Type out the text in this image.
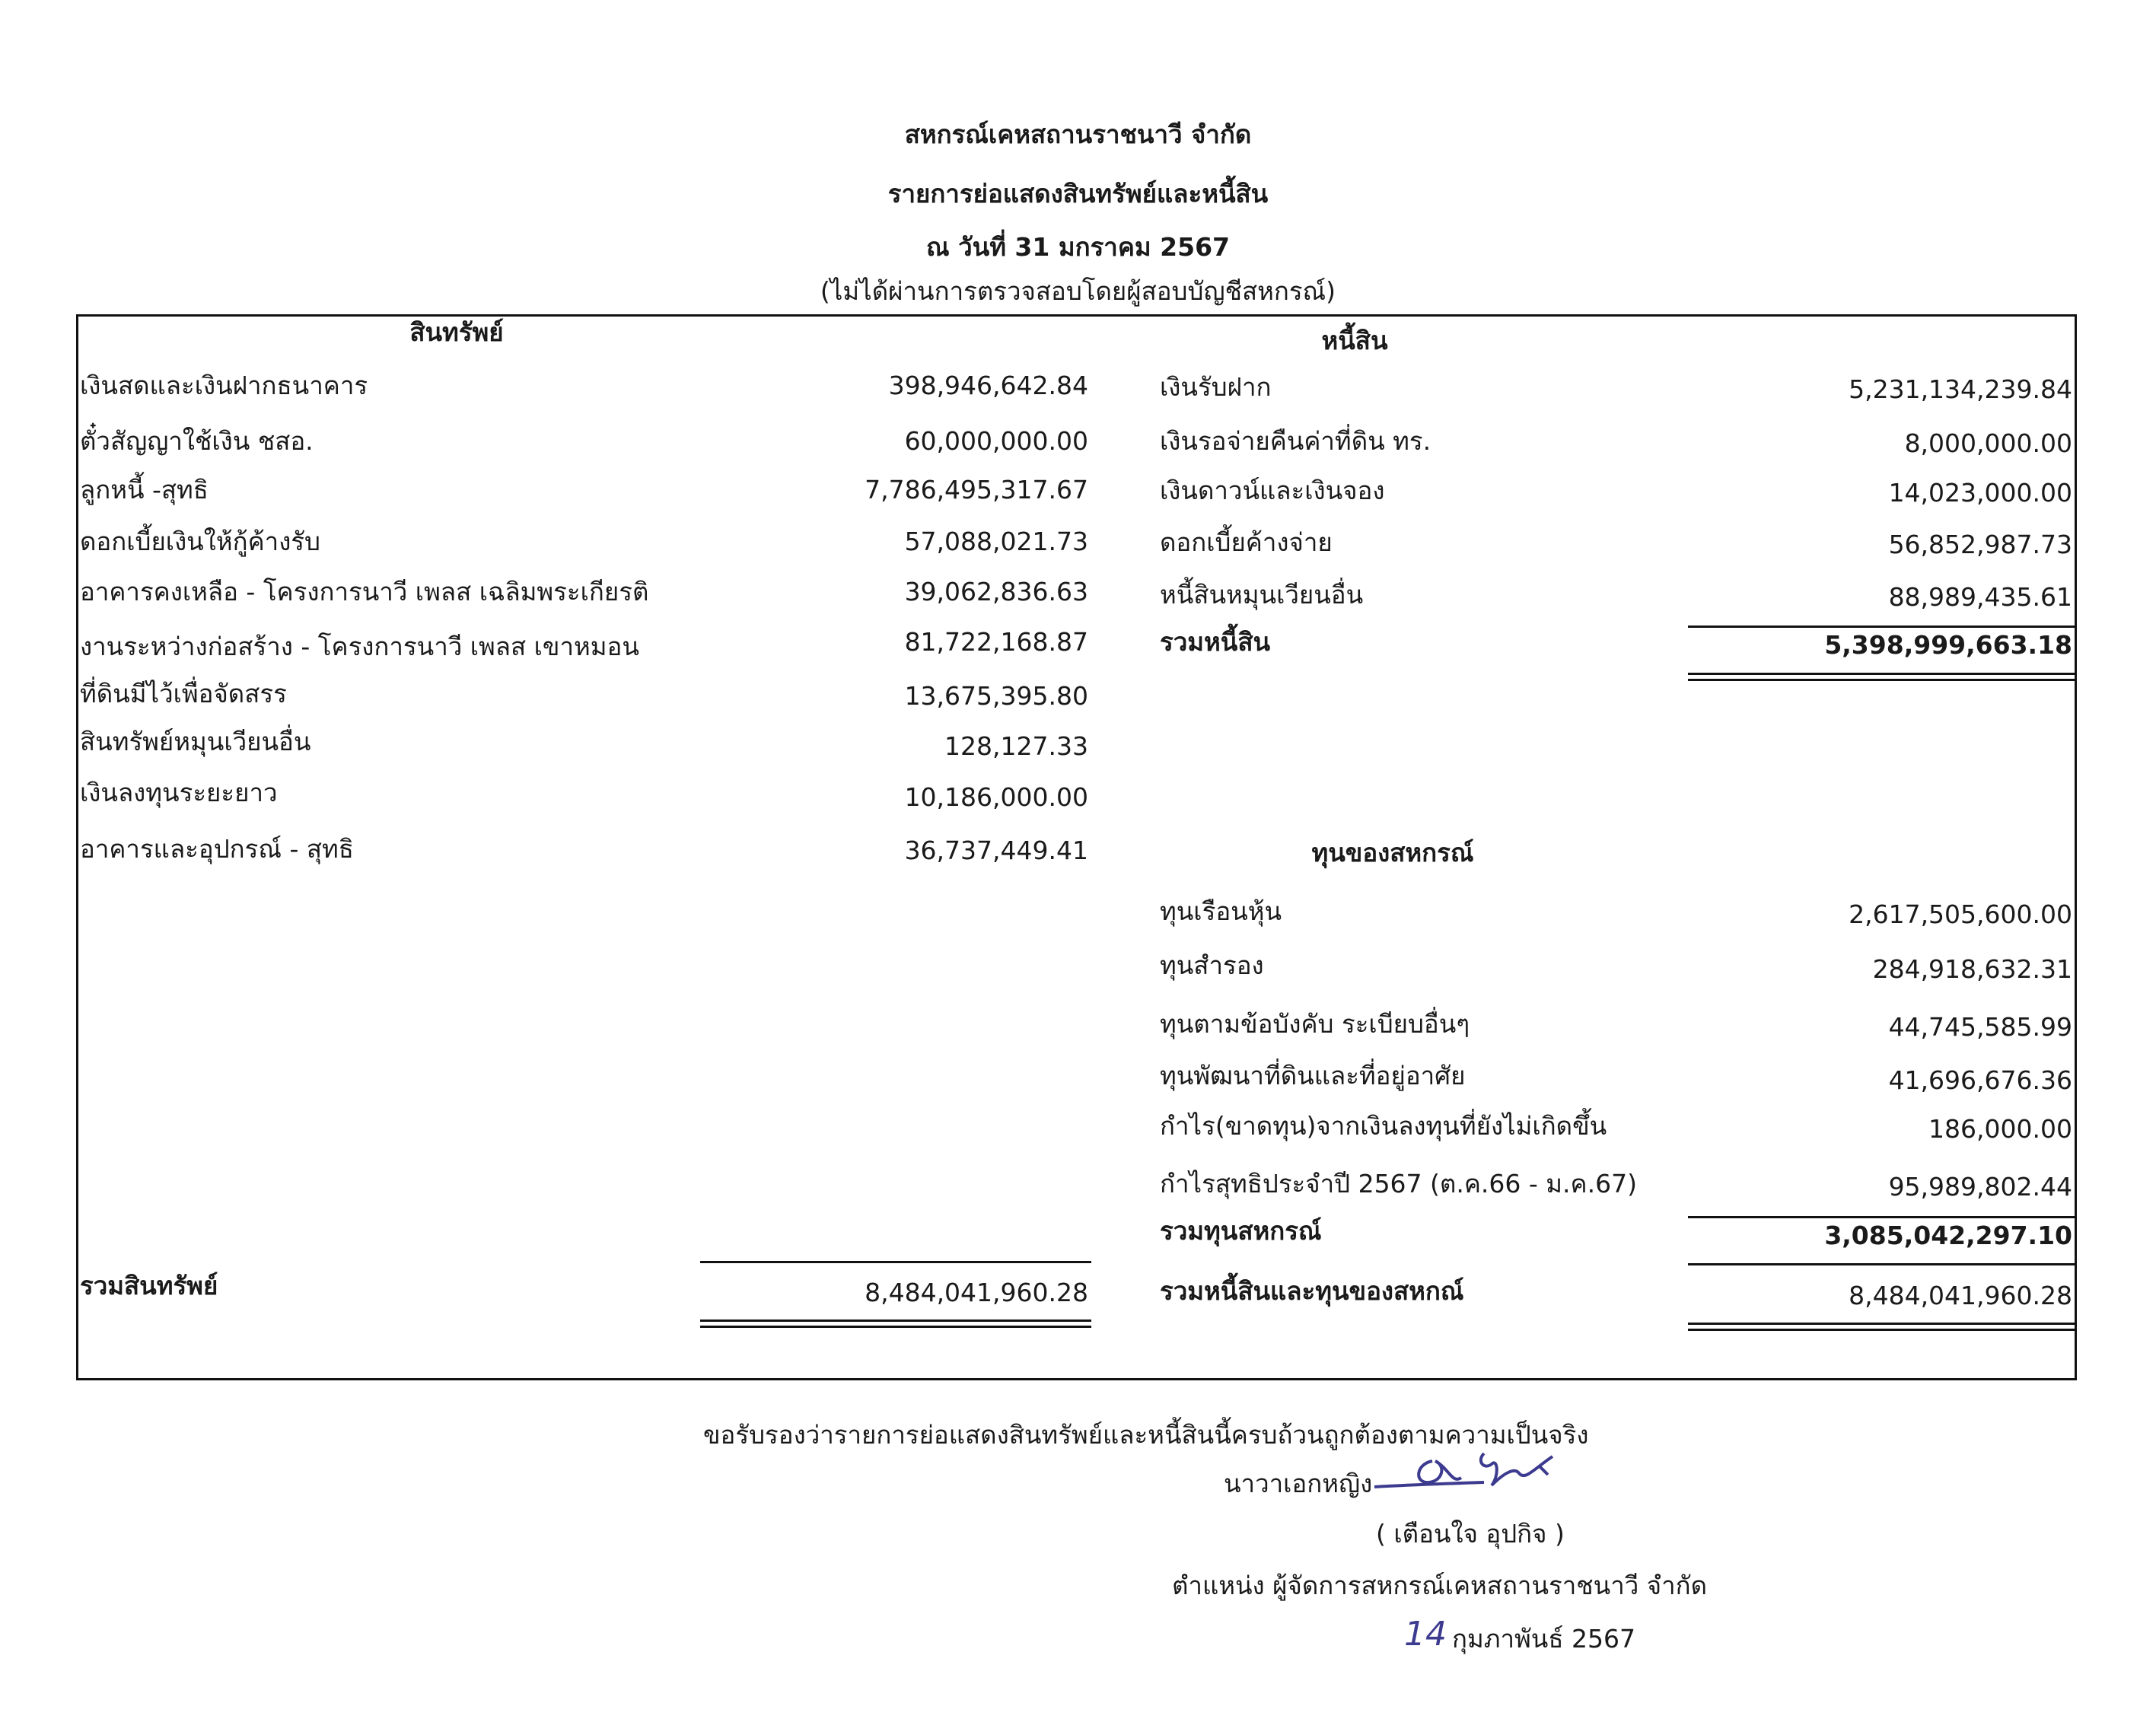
สหกรณ์เคหสถานราชนาวี จำกัด
รายการย่อแสดงสินทรัพย์และหนี้สิน
ณ วันที่ 31 มกราคม 2567
(ไม่ได้ผ่านการตรวจสอบโดยผู้สอบบัญชีสหกรณ์)
สินทรัพย์	หนี้สิน
ทุนของสหกรณ์
เงินสดและเงินฝากธนาคาร	398,946,642.84
ตั๋วสัญญาใช้เงิน ชสอ.	60,000,000.00
ลูกหนี้ -สุทธิ	7,786,495,317.67
ดอกเบี้ยเงินให้กู้ค้างรับ	57,088,021.73
อาคารคงเหลือ - โครงการนาวี เพลส เฉลิมพระเกียรติ	39,062,836.63
งานระหว่างก่อสร้าง - โครงการนาวี เพลส เขาหมอน	81,722,168.87
ที่ดินมีไว้เพื่อจัดสรร	13,675,395.80
สินทรัพย์หมุนเวียนอื่น	128,127.33
เงินลงทุนระยะยาว	10,186,000.00
อาคารและอุปกรณ์ - สุทธิ	36,737,449.41
รวมสินทรัพย์	8,484,041,960.28
เงินรับฝาก	5,231,134,239.84
เงินรอจ่ายคืนค่าที่ดิน ทร.	8,000,000.00
เงินดาวน์และเงินจอง	14,023,000.00
ดอกเบี้ยค้างจ่าย	56,852,987.73
หนี้สินหมุนเวียนอื่น	88,989,435.61
รวมหนี้สิน	5,398,999,663.18
ทุนเรือนหุ้น	2,617,505,600.00
ทุนสำรอง	284,918,632.31
ทุนตามข้อบังคับ ระเบียบอื่นๆ	44,745,585.99
ทุนพัฒนาที่ดินและที่อยู่อาศัย	41,696,676.36
กำไร(ขาดทุน)จากเงินลงทุนที่ยังไม่เกิดขึ้น	186,000.00
กำไรสุทธิประจำปี 2567 (ต.ค.66 - ม.ค.67)	95,989,802.44
รวมทุนสหกรณ์	3,085,042,297.10
รวมหนี้สินและทุนของสหกณ์	8,484,041,960.28
ขอรับรองว่ารายการย่อแสดงสินทรัพย์และหนี้สินนี้ครบถ้วนถูกต้องตามความเป็นจริง
นาวาเอกหญิง
( เตือนใจ อุปกิจ )
ตำแหน่ง ผู้จัดการสหกรณ์เคหสถานราชนาวี จำกัด
14 กุมภาพันธ์ 2567
